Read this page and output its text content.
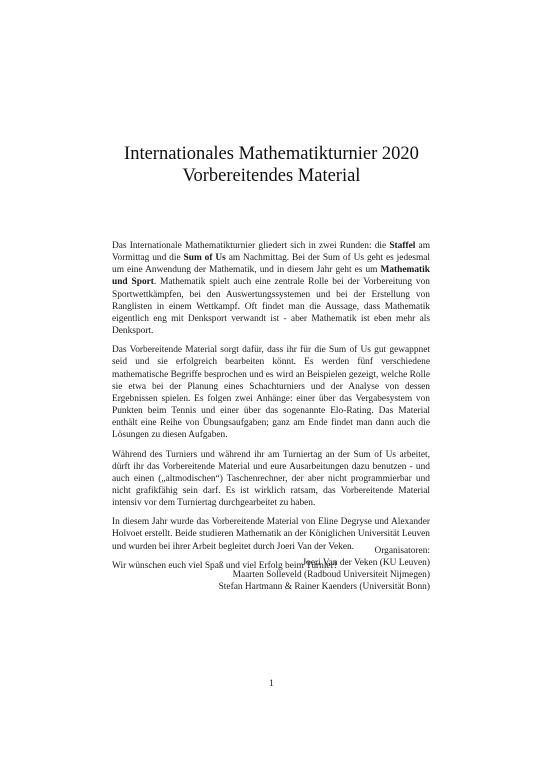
Internationales Mathematikturnier 2020
Vorbereitendes Material

Das Internationale Mathematikturnier gliedert sich in zwei Runden: die Staffel am Vormittag und die Sum of Us am Nachmittag. Bei der Sum of Us geht es jedesmal um eine Anwendung der Mathematik, und in diesem Jahr geht es um Mathematik und Sport. Mathematik spielt auch eine zentrale Rolle bei der Vorbereitung von Sportwettkämpfen, bei den Auswertungssystemen und bei der Erstellung von Ranglisten in einem Wettkampf. Oft findet man die Aussage, dass Mathematik eigentlich eng mit Denksport verwandt ist - aber Mathematik ist eben mehr als Denksport.

Das Vorbereitende Material sorgt dafür, dass ihr für die Sum of Us gut gewappnet seid und sie erfolgreich bearbeiten könnt. Es werden fünf verschiedene mathematische Begriffe besprochen und es wird an Beispielen gezeigt, welche Rolle sie etwa bei der Planung eines Schachturniers und der Analyse von dessen Ergebnissen spielen. Es folgen zwei Anhänge: einer über das Vergabesystem von Punkten beim Tennis und einer über das sogenannte Elo-Rating. Das Material enthält eine Reihe von Übungsaufgaben; ganz am Ende findet man dann auch die Lösungen zu diesen Aufgaben.

Während des Turniers und während ihr am Turniertag an der Sum of Us arbeitet, dürft ihr das Vorbereitende Material und eure Ausarbeitungen dazu benutzen - und auch einen („altmodischen“) Taschenrechner, der aber nicht programmierbar und nicht grafikfähig sein darf. Es ist wirklich ratsam, das Vorbereitende Material intensiv vor dem Turniertag durchgearbeitet zu haben.

In diesem Jahr wurde das Vorbereitende Material von Eline Degryse und Alexander Holvoet erstellt. Beide studieren Mathematik an der Königlichen Universität Leuven und wurden bei ihrer Arbeit begleitet durch Joeri Van der Veken.

Wir wünschen euch viel Spaß und viel Erfolg beim Turnier!

Organisatoren:
Joeri Van der Veken (KU Leuven)
Maarten Solleveld (Radboud Universiteit Nijmegen)
Stefan Hartmann & Rainer Kaenders (Universität Bonn)
1
